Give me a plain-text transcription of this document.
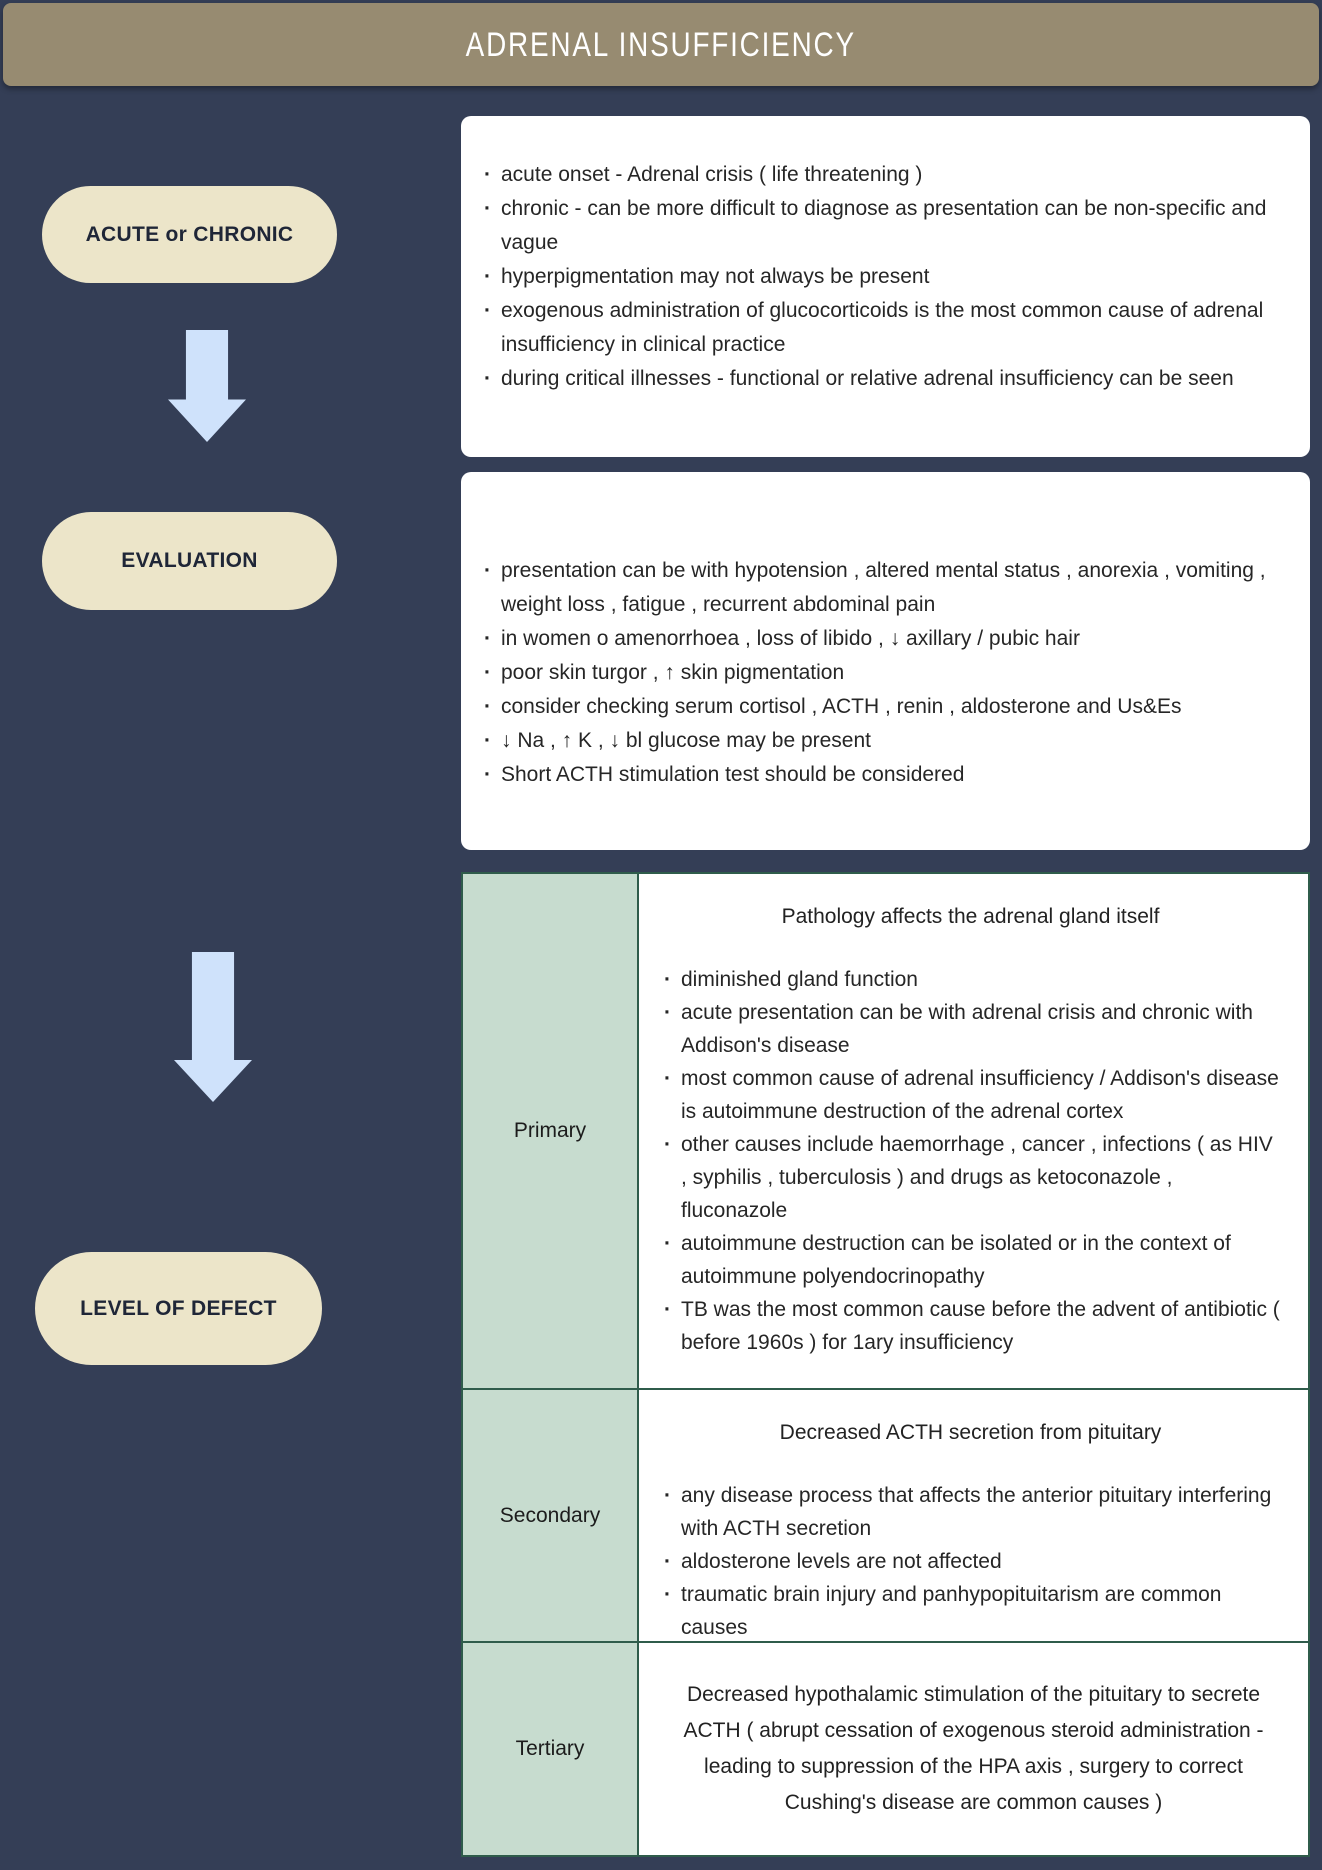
ADRENAL INSUFFICIENCY
ACUTE or CHRONIC
EVALUATION
LEVEL OF DEFECT
· acute onset - Adrenal crisis ( life threatening )
· chronic - can be more difficult to diagnose as presentation can be non-specific and vague
· hyperpigmentation may not always be present
· exogenous administration of glucocorticoids is the most common cause of adrenal insufficiency in clinical practice
· during critical illnesses - functional or relative adrenal insufficiency can be seen
· presentation can be with hypotension , altered mental status , anorexia , vomiting , weight loss , fatigue , recurrent abdominal pain
· in women o amenorrhoea , loss of libido , ↓ axillary / pubic hair
· poor skin turgor , ↑ skin pigmentation
· consider checking serum cortisol , ACTH , renin , aldosterone and Us&Es
· ↓ Na , ↑ K , ↓ bl glucose may be present
· Short ACTH stimulation test should be considered
Primary
Pathology affects the adrenal gland itself
· diminished gland function
· acute presentation can be with adrenal crisis and chronic with Addison's disease
· most common cause of adrenal insufficiency / Addison's disease is autoimmune destruction of the adrenal cortex
· other causes include haemorrhage , cancer , infections ( as HIV , syphilis , tuberculosis ) and drugs as ketoconazole , fluconazole
· autoimmune destruction can be isolated or in the context of autoimmune polyendocrinopathy
· TB was the most common cause before the advent of antibiotic ( before 1960s ) for 1ary insufficiency
Secondary
Decreased ACTH secretion from pituitary
· any disease process that affects the anterior pituitary interfering with ACTH secretion
· aldosterone levels are not affected
· traumatic brain injury and panhypopituitarism are common causes
Tertiary
Decreased hypothalamic stimulation of the pituitary to secrete ACTH ( abrupt cessation of exogenous steroid administration -leading to suppression of the HPA axis , surgery to correct Cushing's disease are common causes )
